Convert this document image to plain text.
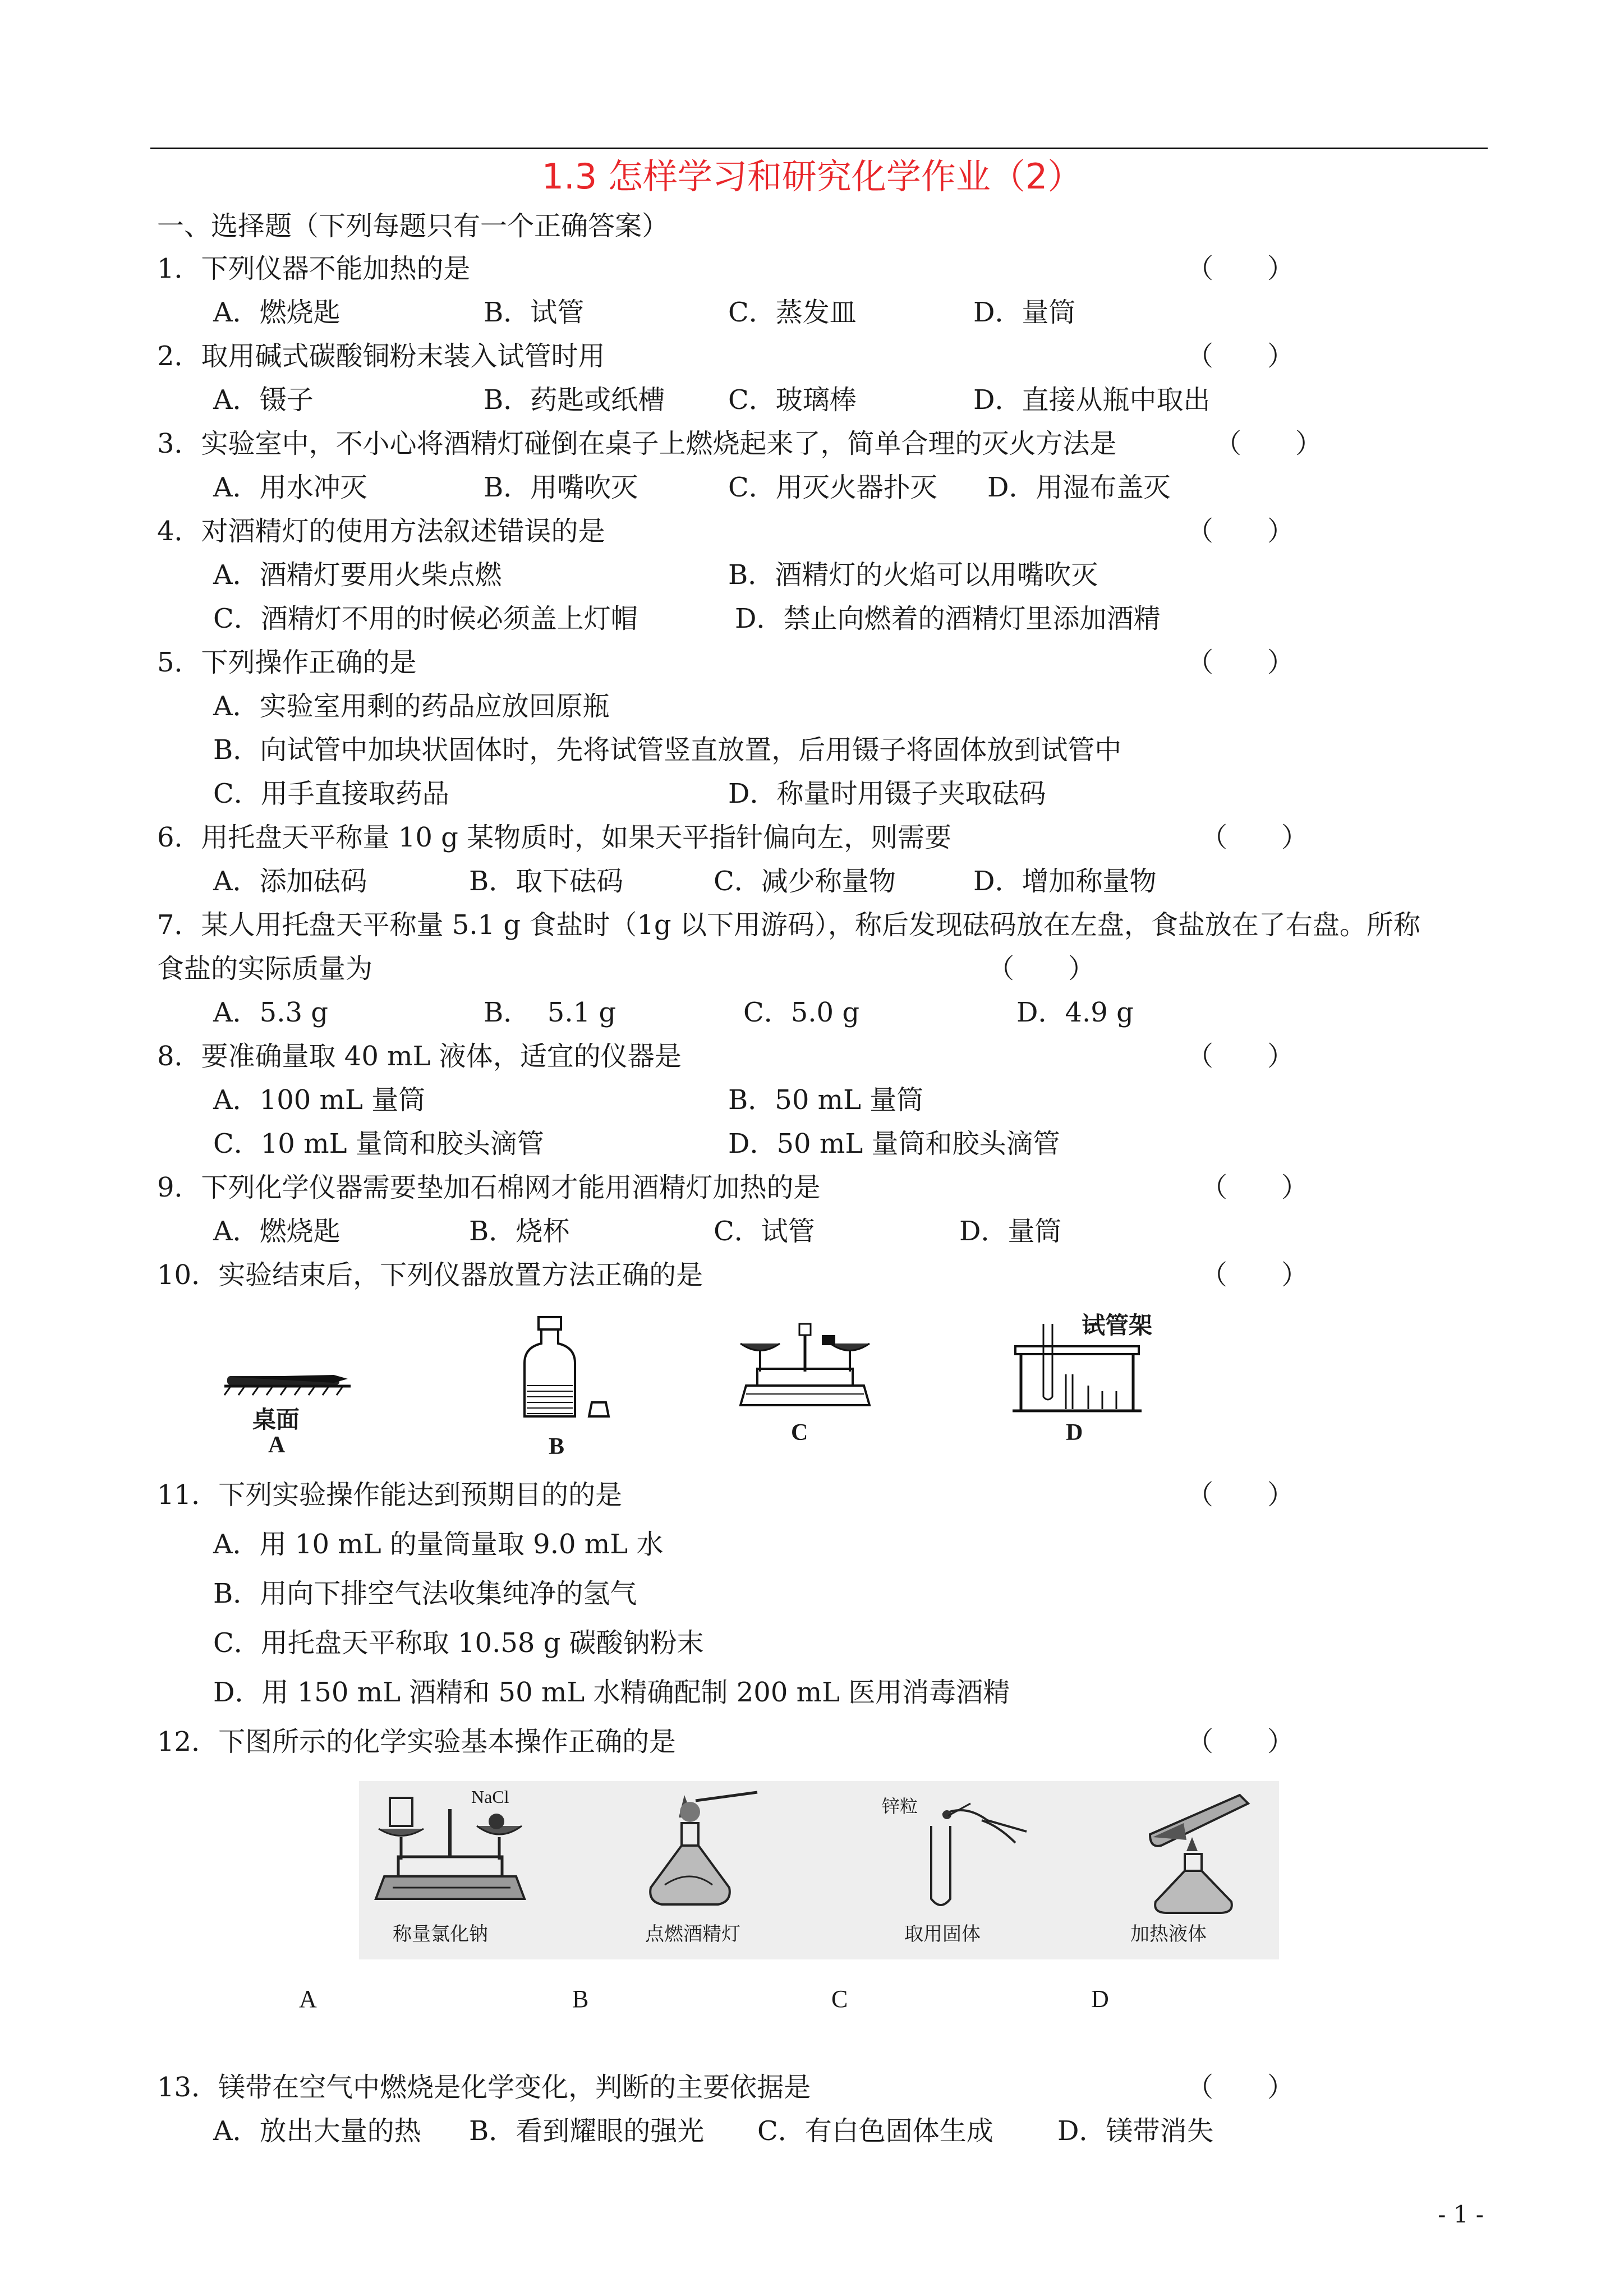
1.3 怎样学习和研究化学作业（2）
一、选择题（下列每题只有一个正确答案）
1．下列仪器不能加热的是	（　　）
A．燃烧匙	B．试管	C．蒸发皿	D．量筒
2．取用碱式碳酸铜粉末装入试管时用	（　　）
A．镊子	B．药匙或纸槽 C．玻璃棒	D．直接从瓶中取出
3．实验室中，不小心将酒精灯碰倒在桌子上燃烧起来了，简单合理的灭火方法是	（　　）
A．用水冲灭	B．用嘴吹灭	C．用灭火器扑灭 D．用湿布盖灭
4．对酒精灯的使用方法叙述错误的是	（　　）
A．酒精灯要用火柴点燃	B．酒精灯的火焰可以用嘴吹灭
C．酒精灯不用的时候必须盖上灯帽	D．禁止向燃着的酒精灯里添加酒精
5．下列操作正确的是	（　　）
A．实验室用剩的药品应放回原瓶
B．向试管中加块状固体时，先将试管竖直放置，后用镊子将固体放到试管中
C．用手直接取药品	D．称量时用镊子夹取砝码
6．用托盘天平称量 10 g 某物质时，如果天平指针偏向左，则需要	（　　）
A．添加砝码	B．取下砝码	C．减少称量物	D．增加称量物
7．某人用托盘天平称量 5.1 g 食盐时（1g 以下用游码），称后发现砝码放在左盘，食盐放在了右盘。所称
食盐的实际质量为	（　　）
A．5.3 g	B．  5.1 g	C．5.0 g	D．4.9 g
8．要准确量取 40 mL 液体，适宜的仪器是	（　　）
A．100 mL 量筒	B．50 mL 量筒
C．10 mL 量筒和胶头滴管	D．50 mL 量筒和胶头滴管
9．下列化学仪器需要垫加石棉网才能用酒精灯加热的是	（　　）
A．燃烧匙	B．烧杯	C．试管	D．量筒
10．实验结束后，下列仪器放置方法正确的是	（　　）
桌面
A	B
C
试管架
D
11．下列实验操作能达到预期目的的是	（　　）
A．用 10 mL 的量筒量取 9.0 mL 水
B．用向下排空气法收集纯净的氢气
C．用托盘天平称取 10.58 g 碳酸钠粉末
D．用 150 mL 酒精和 50 mL 水精确配制 200 mL 医用消毒酒精
12．下图所示的化学实验基本操作正确的是	（　　）
NaCl
称量氯化钠	点燃酒精灯
锌粒
取用固体	加热液体
A	B	C	D
13．镁带在空气中燃烧是化学变化，判断的主要依据是	（　　）
A．放出大量的热 B．看到耀眼的强光 C．有白色固体生成 D．镁带消失
- 1 -
